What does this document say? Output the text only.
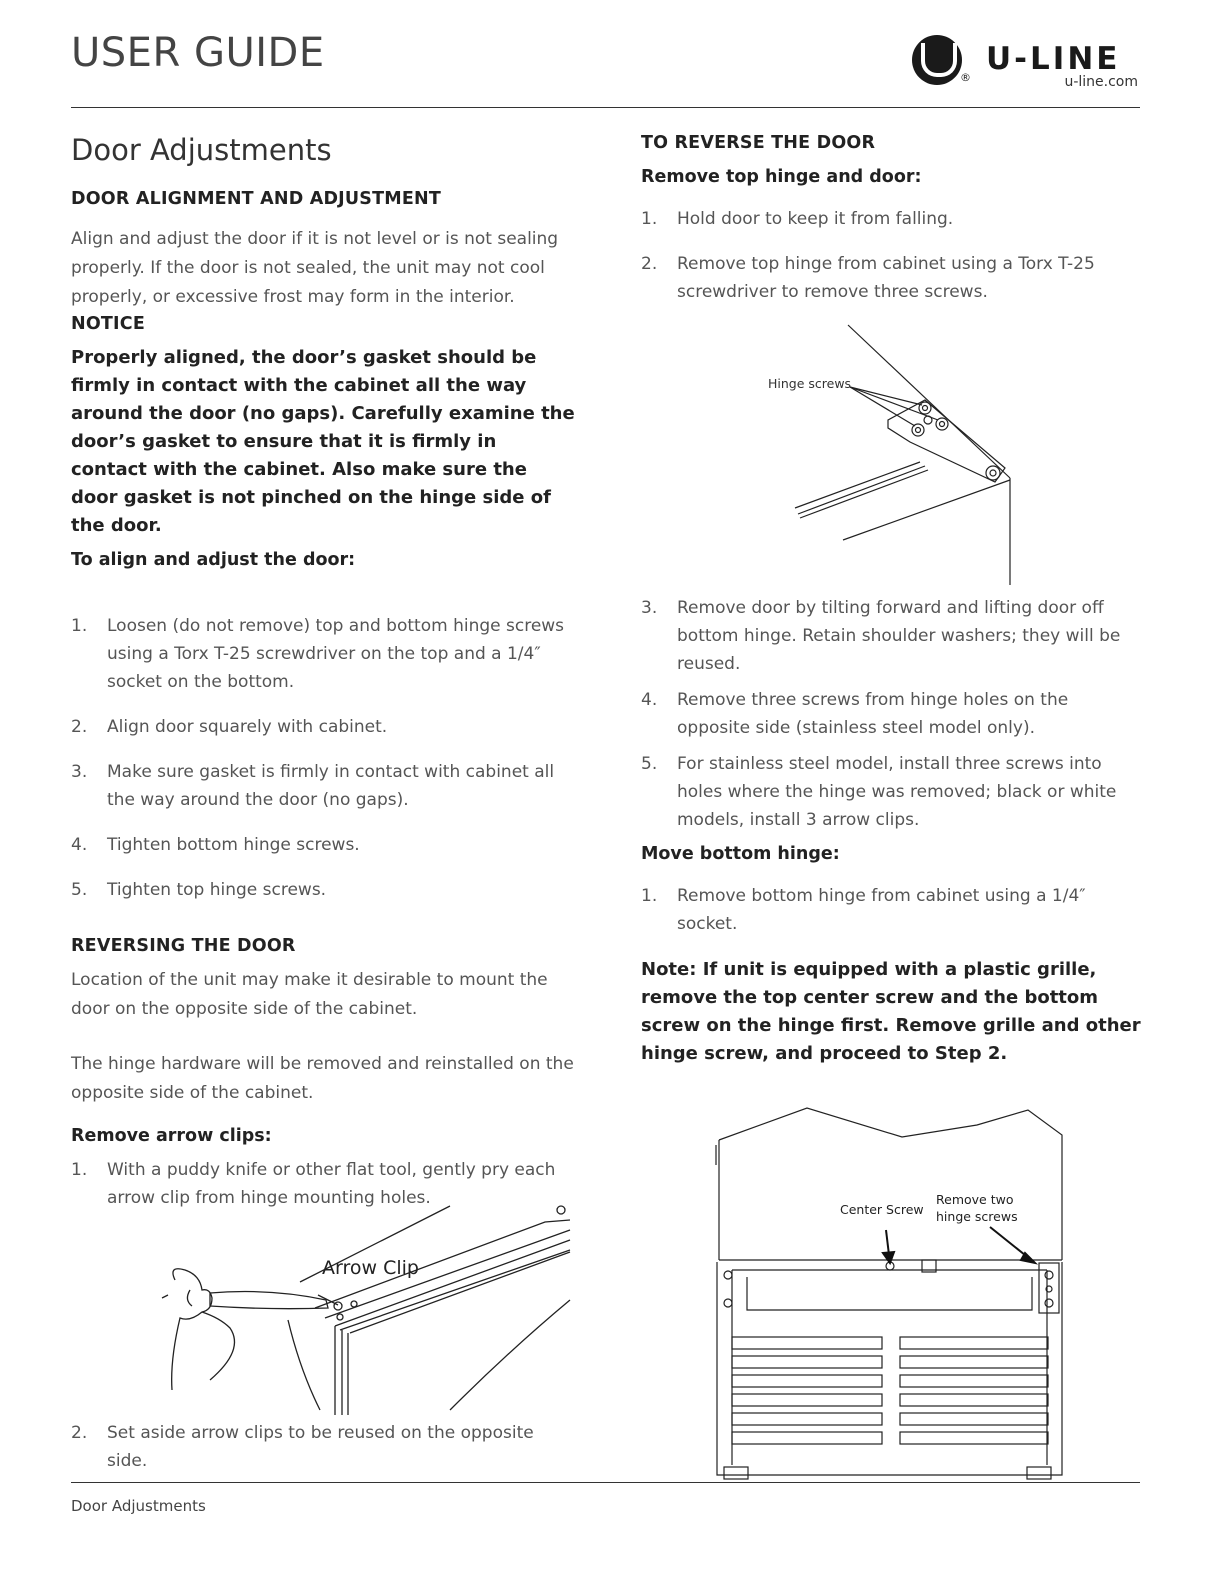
USER GUIDE
®
U-LINE
u-line.com
Door Adjustments
DOOR ALIGNMENT AND ADJUSTMENT
Align and adjust the door if it is not level or is not sealing properly. If the door is not sealed, the unit may not cool properly, or excessive frost may form in the interior.
NOTICE
Properly aligned, the door’s gasket should be firmly in contact with the cabinet all the way around the door (no gaps). Carefully examine the door’s gasket to ensure that it is firmly in contact with the cabinet. Also make sure the door gasket is not pinched on the hinge side of the door.
To align and adjust the door:
1. Loosen (do not remove) top and bottom hinge screws using a Torx T-25 screwdriver on the top and a 1/4″ socket on the bottom.
2. Align door squarely with cabinet.
3. Make sure gasket is firmly in contact with cabinet all the way around the door (no gaps).
4. Tighten bottom hinge screws.
5. Tighten top hinge screws.
REVERSING THE DOOR
Location of the unit may make it desirable to mount the door on the opposite side of the cabinet.
The hinge hardware will be removed and reinstalled on the opposite side of the cabinet.
Remove arrow clips:
1. With a puddy knife or other flat tool, gently pry each arrow clip from hinge mounting holes.
Arrow Clip
2. Set aside arrow clips to be reused on the opposite side.
TO REVERSE THE DOOR
Remove top hinge and door:
1. Hold door to keep it from falling.
2. Remove top hinge from cabinet using a Torx T-25 screwdriver to remove three screws.
Hinge screws
3. Remove door by tilting forward and lifting door off bottom hinge. Retain shoulder washers; they will be reused.
4. Remove three screws from hinge holes on the opposite side (stainless steel model only).
5. For stainless steel model, install three screws into holes where the hinge was removed; black or white models, install 3 arrow clips.
Move bottom hinge:
1. Remove bottom hinge from cabinet using a 1/4″ socket.
Note: If unit is equipped with a plastic grille, remove the top center screw and the bottom screw on the hinge first. Remove grille and other hinge screw, and proceed to Step 2.
Center Screw
Remove two
hinge screws
Door Adjustments
